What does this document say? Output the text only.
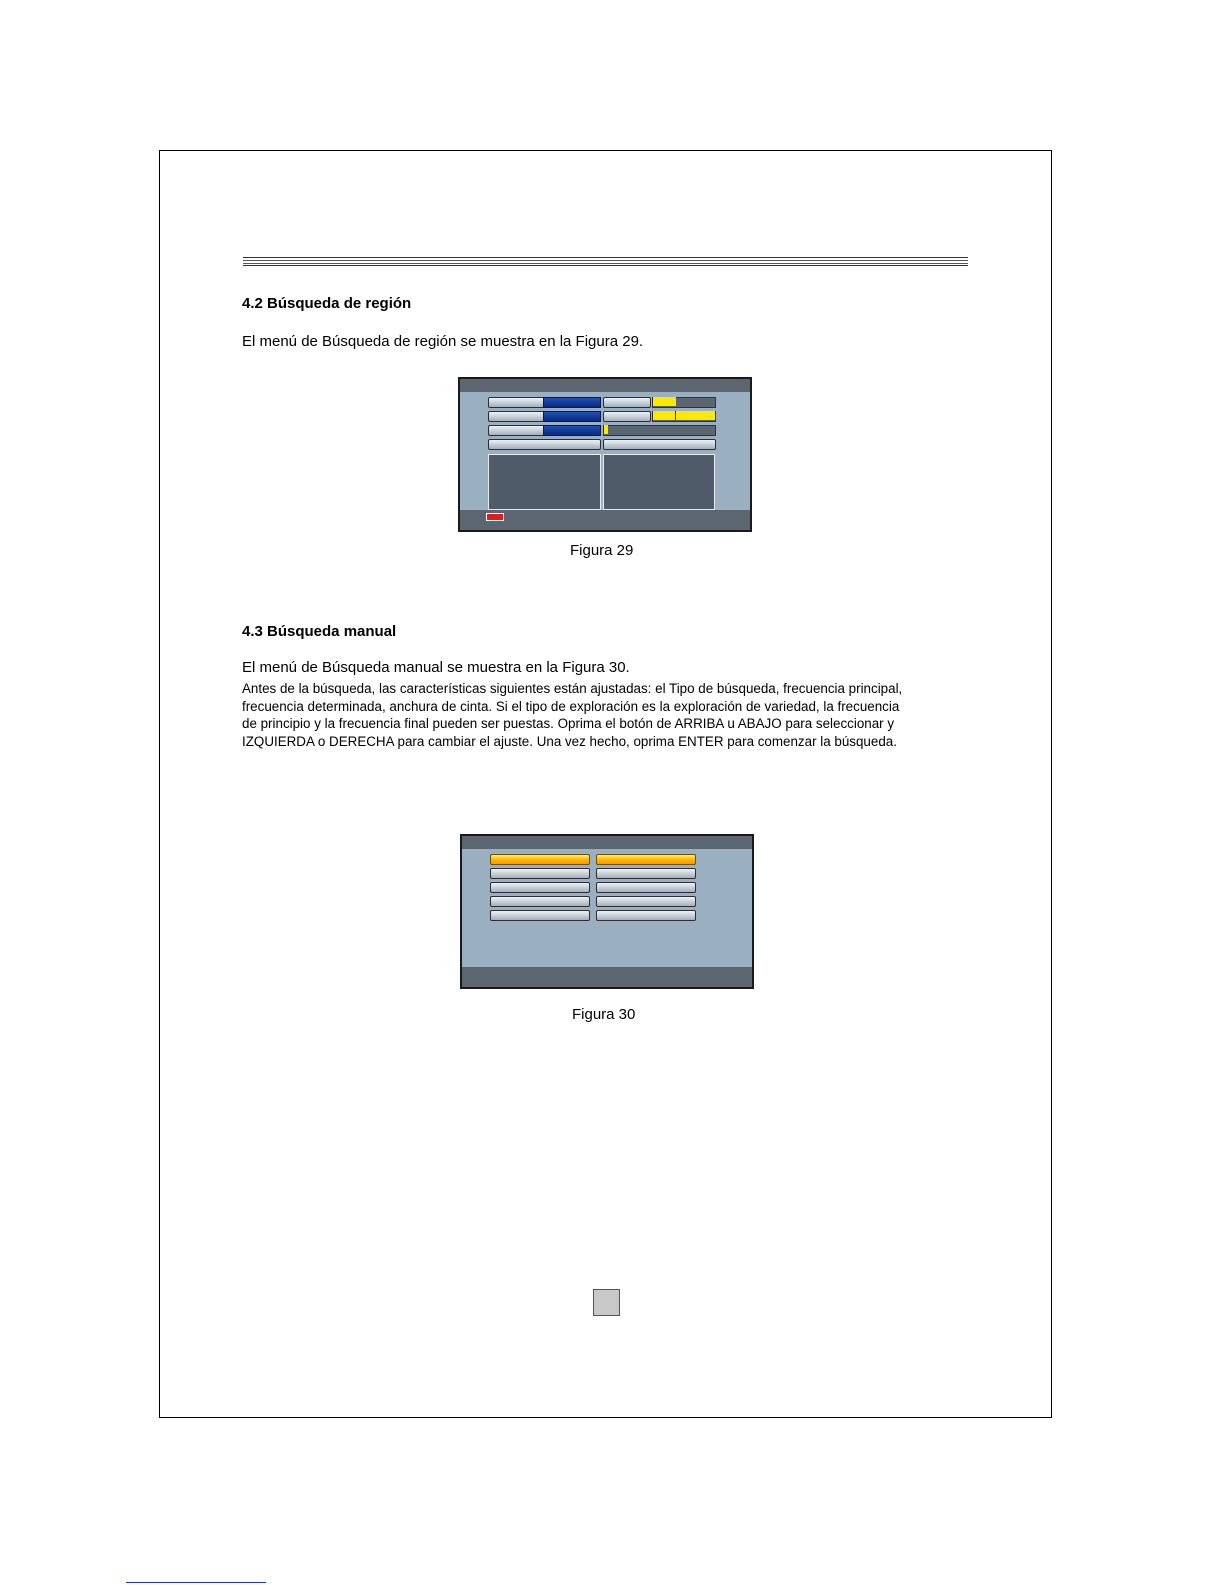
4.2 Búsqueda de región

El menú de Búsqueda de región se muestra en la Figura 29.

Figura 29

4.3 Búsqueda manual

El menú de Búsqueda manual se muestra en la Figura 30.

Antes de la búsqueda, las características siguientes están ajustadas: el Tipo de búsqueda, frecuencia principal,
frecuencia determinada, anchura de cinta. Si el tipo de exploración es la exploración de variedad, la frecuencia
de principio y la frecuencia final pueden ser puestas. Oprima el botón de ARRIBA u ABAJO para seleccionar y
IZQUIERDA o DERECHA para cambiar el ajuste. Una vez hecho, oprima ENTER para comenzar la búsqueda.

Figura 30
